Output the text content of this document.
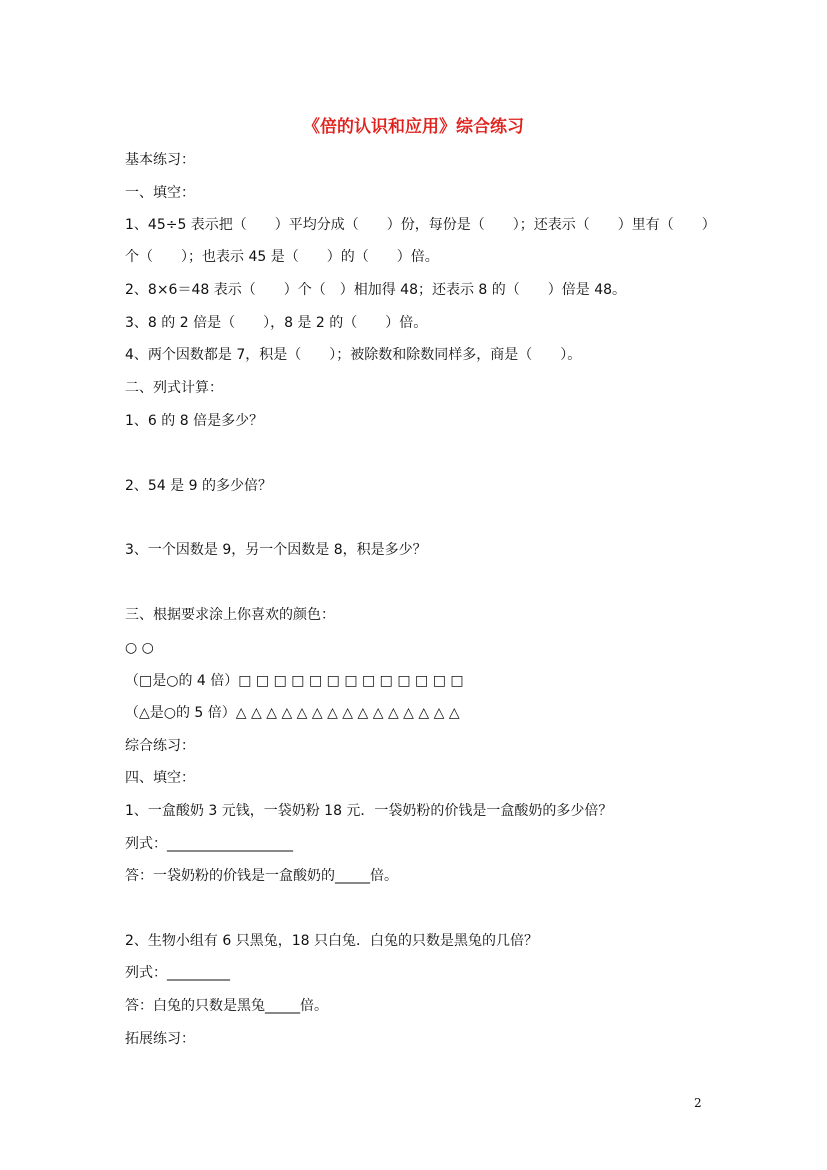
《倍的认识和应用》综合练习
基本练习：
一、填空：
1、45÷5 表示把（　　）平均分成（　　）份，每份是（　　）；还表示（　　）里有（　　）
个（　　）；也表示 45 是（　　）的（　　）倍。
2、8×6＝48 表示（　　）个（　）相加得 48；还表示 8 的（　　）倍是 48。
3、8 的 2 倍是（　　），8 是 2 的（　　）倍。
4、两个因数都是 7，积是（　　）；被除数和除数同样多，商是（　　）。
二、列式计算：
1、6 的 8 倍是多少？
2、54 是 9 的多少倍？
3、一个因数是 9，另一个因数是 8，积是多少？
三、根据要求涂上你喜欢的颜色：
○ ○
（□是○的 4 倍）□ □ □ □ □ □ □ □ □ □ □ □ □
（△是○的 5 倍）△ △ △ △ △ △ △ △ △ △ △ △ △ △ △
综合练习：
四、填空：
1、一盒酸奶 3 元钱，一袋奶粉 18 元．一袋奶粉的价钱是一盒酸奶的多少倍？
列式：__________________
答：一袋奶粉的价钱是一盒酸奶的_____倍。
2、生物小组有 6 只黑兔，18 只白兔．白兔的只数是黑兔的几倍？
列式：_________
答：白兔的只数是黑兔_____倍。
拓展练习：
2
